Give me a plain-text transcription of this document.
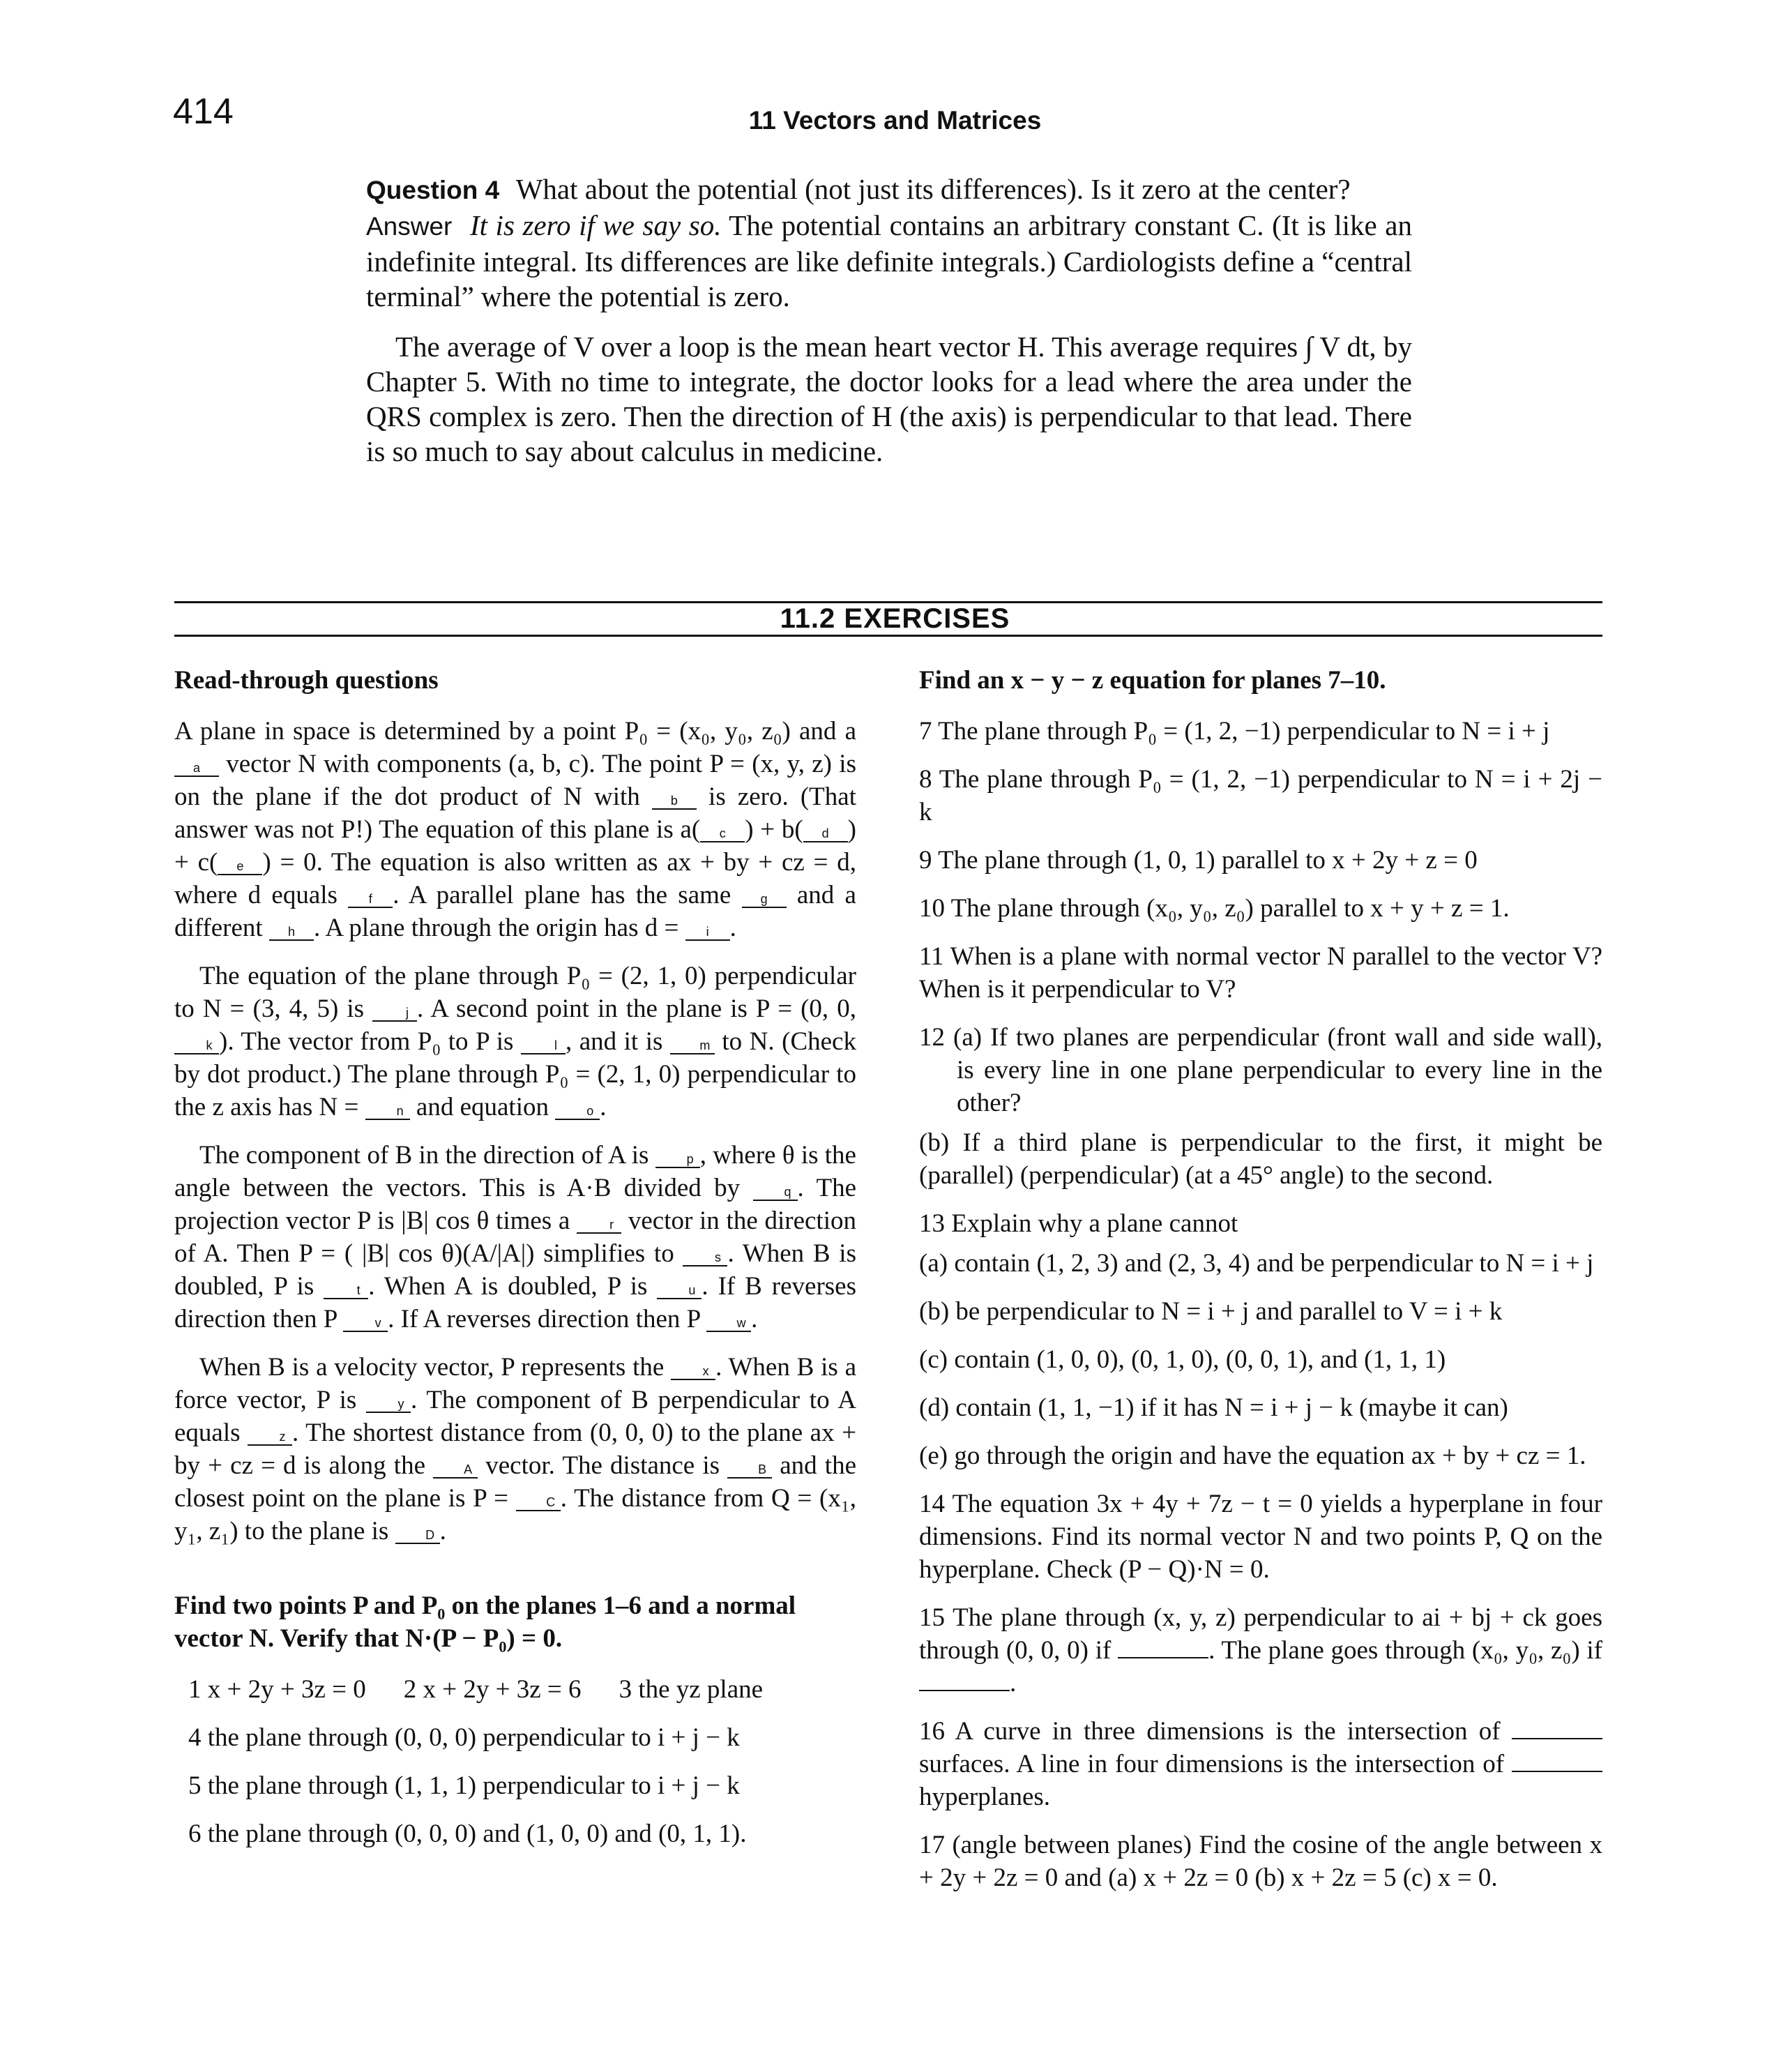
414	11 Vectors and Matrices

Question 4 What about the potential (not just its differences). Is it zero at the center?
Answer It is zero if we say so. The potential contains an arbitrary constant C. (It is like an indefinite integral. Its differences are like definite integrals.) Cardiologists define a “central terminal” where the potential is zero.

The average of V over a loop is the mean heart vector H. This average requires ∫ V dt, by Chapter 5. With no time to integrate, the doctor looks for a lead where the area under the QRS complex is zero. Then the direction of H (the axis) is perpendicular to that lead. There is so much to say about calculus in medicine.

11.2 EXERCISES

Read-through questions

A plane in space is determined by a point P₀ = (x₀, y₀, z₀) and a a vector N with components (a, b, c). The point P = (x, y, z) is on the plane if the dot product of N with b is zero. (That answer was not P!) The equation of this plane is a( c ) + b( d ) + c( e ) = 0. The equation is also written as ax + by + cz = d, where d equals f . A parallel plane has the same g and a different h . A plane through the origin has d = i .

The equation of the plane through P₀ = (2, 1, 0) perpendicular to N = (3, 4, 5) is	j . A second point in the plane is P = (0, 0, k ). The vector from P₀ to P is	l , and it is m to N. (Check by dot product.) The plane through P₀ = (2, 1, 0) perpendicular to the z axis has N = n and equation o .

The component of B in the direction of A is p , where θ is the angle between the vectors. This is A·B divided by q . The projection vector P is |B| cos θ times a	r vector in the direction of A. Then P = ( |B| cos θ)(A/|A|) simplifies to	s . When B is doubled, P is	t . When A is doubled, P is u . If B reverses direction then P	v . If A reverses direction then P w .

When B is a velocity vector, P represents the	x . When B is a force vector, P is	y . The component of B perpendicular to A equals	z . The shortest distance from (0, 0, 0) to the plane ax + by + cz = d is along the A vector. The distance is B and the closest point on the plane is P = C . The distance from Q = (x₁, y₁, z₁) to the plane is D .

Find two points P and P₀ on the planes 1–6 and a normal vector N. Verify that N·(P − P₀) = 0.

1 x + 2y + 3z = 0 2 x + 2y + 3z = 6 3 the yz plane
4 the plane through (0, 0, 0) perpendicular to i + j − k
5 the plane through (1, 1, 1) perpendicular to i + j − k
6 the plane through (0, 0, 0) and (1, 0, 0) and (0, 1, 1).

Find an x − y − z equation for planes 7–10.

7 The plane through P₀ = (1, 2, −1) perpendicular to N = i + j

8 The plane through P₀ = (1, 2, −1) perpendicular to N = i + 2j − k

9 The plane through (1, 0, 1) parallel to x + 2y + z = 0

10 The plane through (x₀, y₀, z₀) parallel to x + y + z = 1.

11 When is a plane with normal vector N parallel to the vector V? When is it perpendicular to V?

12 (a) If two planes are perpendicular (front wall and side wall), is every line in one plane perpendicular to every line in the other?

(b) If a third plane is perpendicular to the first, it might be (parallel) (perpendicular) (at a 45° angle) to the second.

13 Explain why a plane cannot

(a) contain (1, 2, 3) and (2, 3, 4) and be perpendicular to N = i + j

(b) be perpendicular to N = i + j and parallel to V = i + k

(c) contain (1, 0, 0), (0, 1, 0), (0, 0, 1), and (1, 1, 1)

(d) contain (1, 1, −1) if it has N = i + j − k (maybe it can)

(e) go through the origin and have the equation ax + by + cz = 1.

14 The equation 3x + 4y + 7z − t = 0 yields a hyperplane in four dimensions. Find its normal vector N and two points P, Q on the hyperplane. Check (P − Q)·N = 0.

15 The plane through (x, y, z) perpendicular to ai + bj + ck goes through (0, 0, 0) if	. The plane goes through (x₀, y₀, z₀) if .

16 A curve in three dimensions is the intersection of  surfaces. A line in four dimensions is the intersection of  hyperplanes.

17 (angle between planes) Find the cosine of the angle between x + 2y + 2z = 0 and (a) x + 2z = 0 (b) x + 2z = 5 (c) x = 0.
